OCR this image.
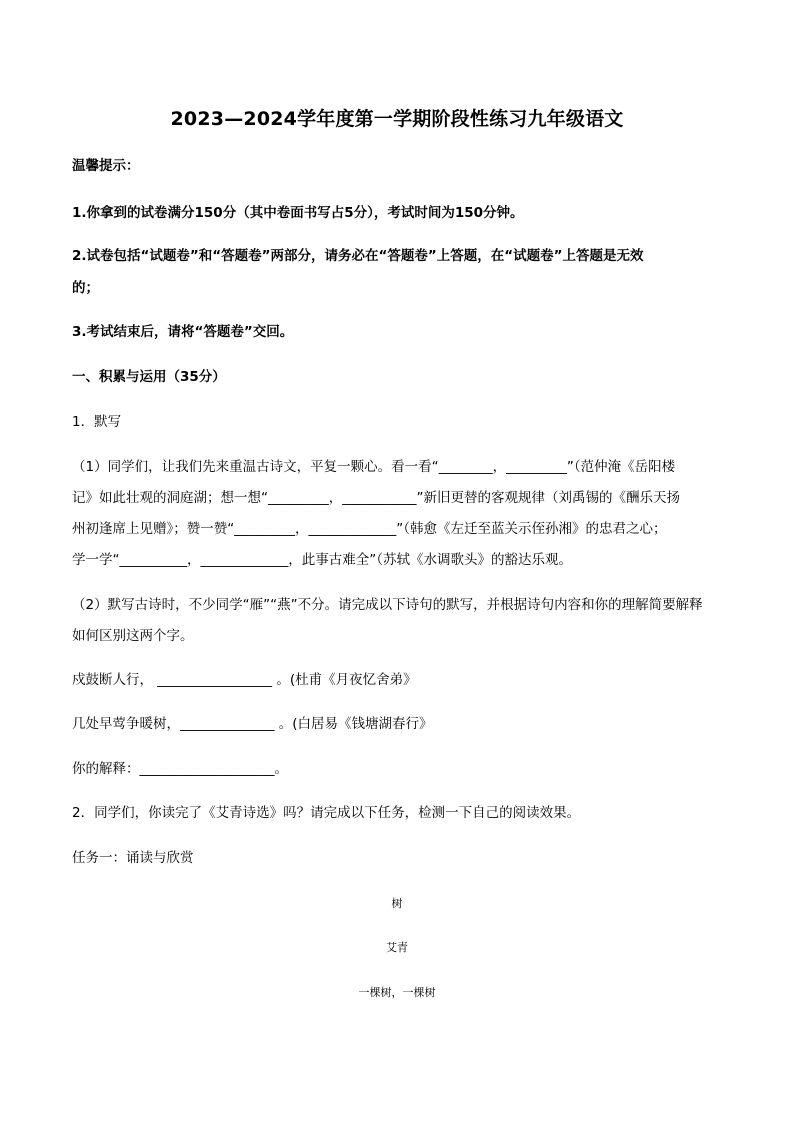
2023—2024学年度第一学期阶段性练习九年级语文
温馨提示：
1.你拿到的试卷满分150分（其中卷面书写占5分），考试时间为150分钟。
2.试卷包括“试题卷”和“答题卷”两部分，请务必在“答题卷”上答题，在“试题卷”上答题是无效
的；
3.考试结束后，请将“答题卷”交回。
一、积累与运用（35分）
1．默写
（1）同学们，让我们先来重温古诗文，平复一颗心。看一看“________，_________”（范仲淹《岳阳楼
记》如此壮观的洞庭湖；想一想“_________，___________”新旧更替的客观规律（刘禹锡的《酬乐天扬
州初逢席上见赠》；赞一赞“_________，_____________”（韩愈《左迁至蓝关示侄孙湘》的忠君之心；
学一学“__________，_____________，此事古难全”（苏轼《水调歌头》的豁达乐观。
（2）默写古诗时，不少同学“雁”“燕”不分。请完成以下诗句的默写，并根据诗句内容和你的理解简要解释
如何区别这两个字。
戍鼓断人行， _________________ 。(杜甫《月夜忆舍弟》
几处早莺争暖树，______________ 。(白居易《钱塘湖春行》
你的解释：____________________。
2．同学们，你读完了《艾青诗选》吗？请完成以下任务，检测一下自己的阅读效果。
任务一：诵读与欣赏
树
艾青
一棵树，一棵树
